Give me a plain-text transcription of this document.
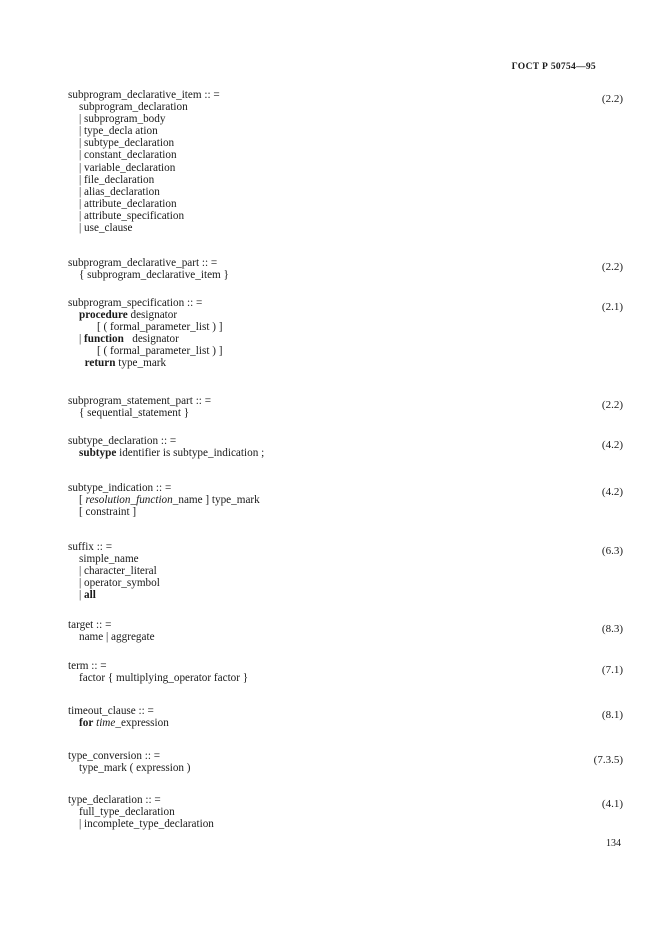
ГОСТ Р 50754—95
subprogram_declarative_item :: =	(2.2)
subprogram_declaration
| subprogram_body
| type_decla ation
| subtype_declaration
| constant_declaration
| variable_declaration
| file_declaration
| alias_declaration
| attribute_declaration
| attribute_specification
| use_clause
subprogram_declarative_part :: =	(2.2)
{ subprogram_declarative_item }
subprogram_specification :: =	(2.1)
procedure designator
[ ( formal_parameter_list ) ]
| function   designator
[ ( formal_parameter_list ) ]
return type_mark
subprogram_statement_part :: =	(2.2)
{ sequential_statement }
subtype_declaration :: =	(4.2)
subtype identifier is subtype_indication ;
subtype_indication :: =	(4.2)
[ resolution_function_name ] type_mark
[ constraint ]
suffix :: =	(6.3)
simple_name
| character_literal
| operator_symbol
| all
target :: =	(8.3)
name | aggregate
term :: =	(7.1)
factor { multiplying_operator factor }
timeout_clause :: =	(8.1)
for time_expression
type_conversion :: =	(7.3.5)
type_mark ( expression )
type_declaration :: =	(4.1)
full_type_declaration
| incomplete_type_declaration
134
